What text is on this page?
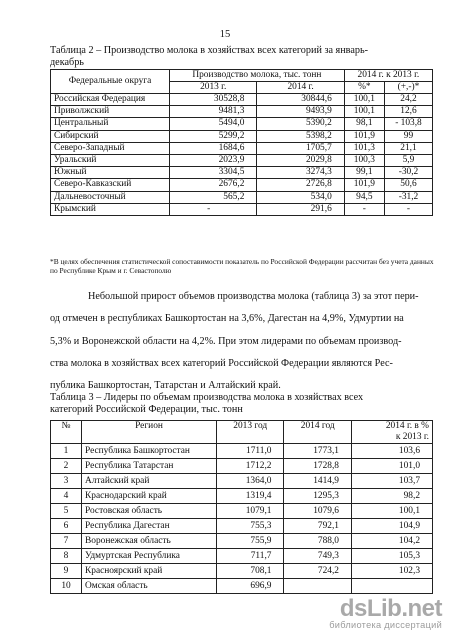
15
Таблица 2 – Производство молока в хозяйствах всех категорий за январь-
декабрь
Федеральные округа	Производство молока, тыс. тонн		2014 г. к 2013 г.	
	2013 г.	2014 г.	%*	(+,-)*
Российская Федерация	30528,8	30844,6	100,1	24,2
Приволжский	9481,3	9493,9	100,1	12,6
Центральный	5494,0	5390,2	98,1	- 103,8
Сибирский	5299,2	5398,2	101,9	99
Северо-Западный	1684,6	1705,7	101,3	21,1
Уральский	2023,9	2029,8	100,3	5,9
Южный	3304,5	3274,3	99,1	-30,2
Северо-Кавказский	2676,2	2726,8	101,9	50,6
Дальневосточный	565,2	534,0	94,5	-31,2
Крымский	-	291,6	-	-
*В целях обеспечения статистической сопоставимости показатель по Российской Федерации рассчитан без учета данных по Республике Крым и г. Севастополю

Небольшой прирост объемов производства молока (таблица 3) за этот пери-

од отмечен в республиках Башкортостан на 3,6%, Дагестан на 4,9%, Удмуртии на

5,3% и Воронежской области на 4,2%. При этом лидерами по объемам производ-

ства молока в хозяйствах всех категорий Российской Федерации являются Рес-

публика Башкортостан, Татарстан и Алтайский край.

Таблица 3 – Лидеры по объемам производства молока в хозяйствах всех
категорий Российской Федерации, тыс. тонн
№	Регион	2013 год	2014 год	2014 г. в %
				к 2013 г.
1	Республика Башкортостан	1711,0	1773,1	103,6
2	Республика Татарстан	1712,2	1728,8	101,0
3	Алтайский край	1364,0	1414,9	103,7
4	Краснодарский край	1319,4	1295,3	98,2
5	Ростовская область	1079,1	1079,6	100,1
6	Республика Дагестан	755,3	792,1	104,9
7	Воронежская область	755,9	788,0	104,2
8	Удмуртская Республика	711,7	749,3	105,3
9	Красноярский край	708,1	724,2	102,3
10	Омская область	696,9		
dsLib.net
библиотека диссертаций
